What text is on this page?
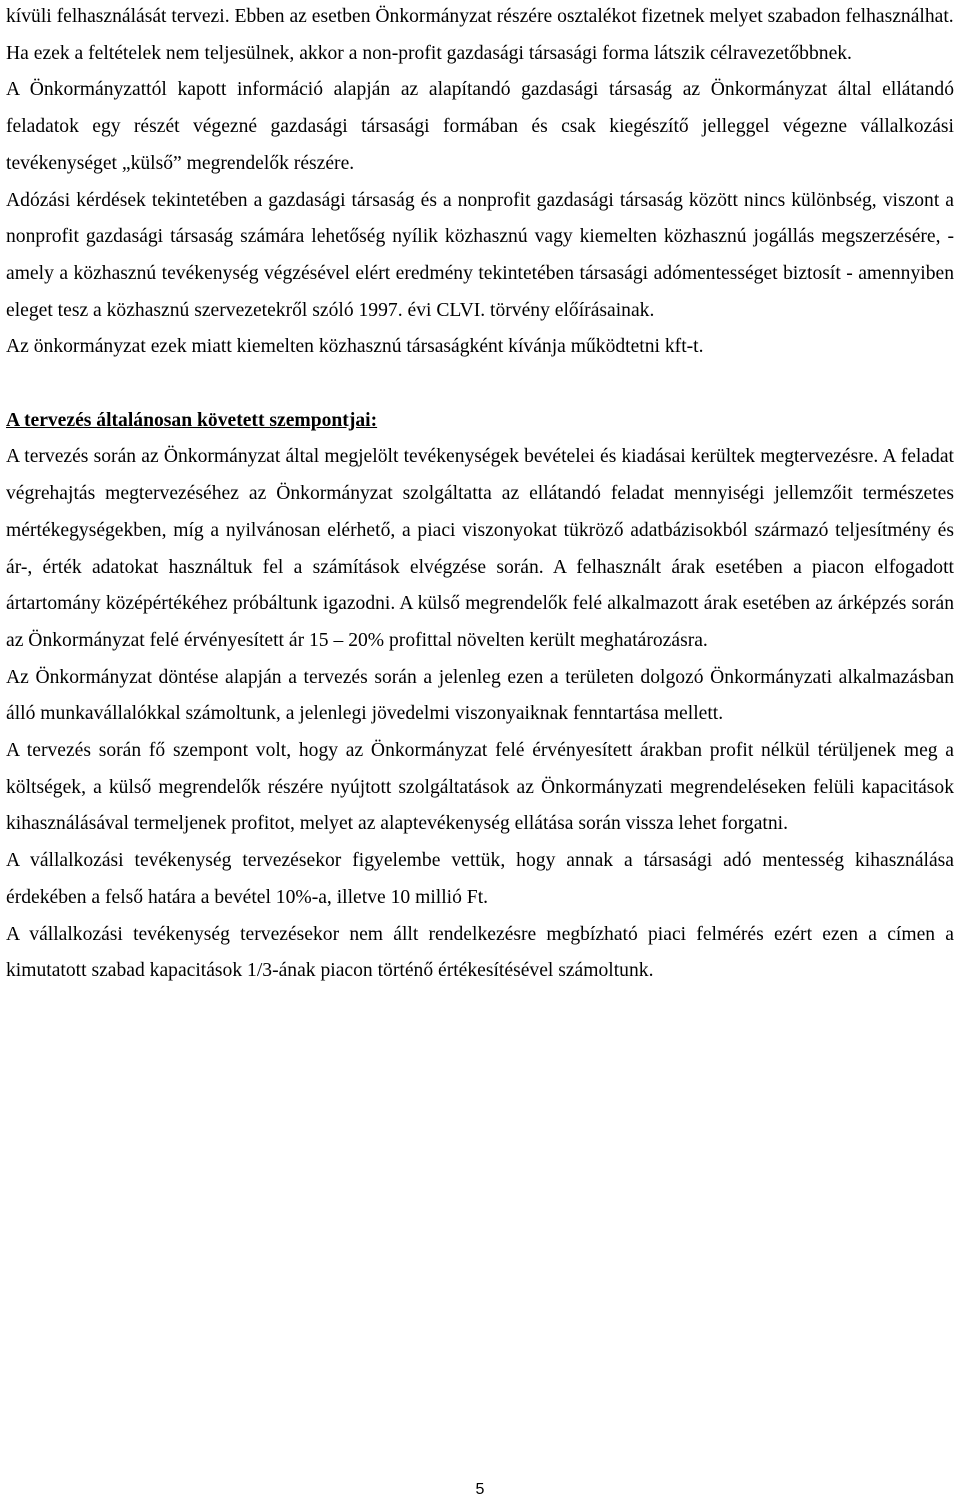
kívüli felhasználását tervezi. Ebben az esetben Önkormányzat részére osztalékot fizetnek melyet szabadon felhasználhat.

Ha ezek a feltételek nem teljesülnek, akkor a non-profit gazdasági társasági forma látszik célravezetőbbnek.

A Önkormányzattól kapott információ alapján az alapítandó gazdasági társaság az Önkormányzat által ellátandó feladatok egy részét végezné gazdasági társasági formában és csak kiegészítő jelleggel végezne vállalkozási tevékenységet „külső” megrendelők részére.

Adózási kérdések tekintetében a gazdasági társaság és a nonprofit gazdasági társaság között nincs különbség, viszont a nonprofit gazdasági társaság számára lehetőség nyílik közhasznú vagy kiemelten közhasznú jogállás megszerzésére, - amely a közhasznú tevékenység végzésével elért eredmény tekintetében társasági adómentességet biztosít - amennyiben eleget tesz a közhasznú szervezetekről szóló 1997. évi CLVI. törvény előírásainak.

Az önkormányzat ezek miatt kiemelten közhasznú társaságként kívánja működtetni kft-t.

A tervezés általánosan követett szempontjai:

A tervezés során az Önkormányzat által megjelölt tevékenységek bevételei és kiadásai kerültek megtervezésre. A feladat végrehajtás megtervezéséhez az Önkormányzat szolgáltatta az ellátandó feladat mennyiségi jellemzőit természetes mértékegységekben, míg a nyilvánosan elérhető, a piaci viszonyokat tükröző adatbázisokból származó teljesítmény és ár-, érték adatokat használtuk fel a számítások elvégzése során. A felhasznált árak esetében a piacon elfogadott ártartomány középértékéhez próbáltunk igazodni. A külső megrendelők felé alkalmazott árak esetében az árképzés során az Önkormányzat felé érvényesített ár 15 – 20% profittal növelten került meghatározásra.

Az Önkormányzat döntése alapján a tervezés során a jelenleg ezen a területen dolgozó Önkormányzati alkalmazásban álló munkavállalókkal számoltunk, a jelenlegi jövedelmi viszonyaiknak fenntartása mellett.

A tervezés során fő szempont volt, hogy az Önkormányzat felé érvényesített árakban profit nélkül térüljenek meg a költségek, a külső megrendelők részére nyújtott szolgáltatások az Önkormányzati megrendeléseken felüli kapacitások kihasználásával termeljenek profitot, melyet az alaptevékenység ellátása során vissza lehet forgatni.

A vállalkozási tevékenység tervezésekor figyelembe vettük, hogy annak a társasági adó mentesség kihasználása érdekében a felső határa a bevétel 10%-a, illetve 10 millió Ft.

A vállalkozási tevékenység tervezésekor nem állt rendelkezésre megbízható piaci felmérés ezért ezen a címen a kimutatott szabad kapacitások 1/3-ának piacon történő értékesítésével számoltunk.

5
